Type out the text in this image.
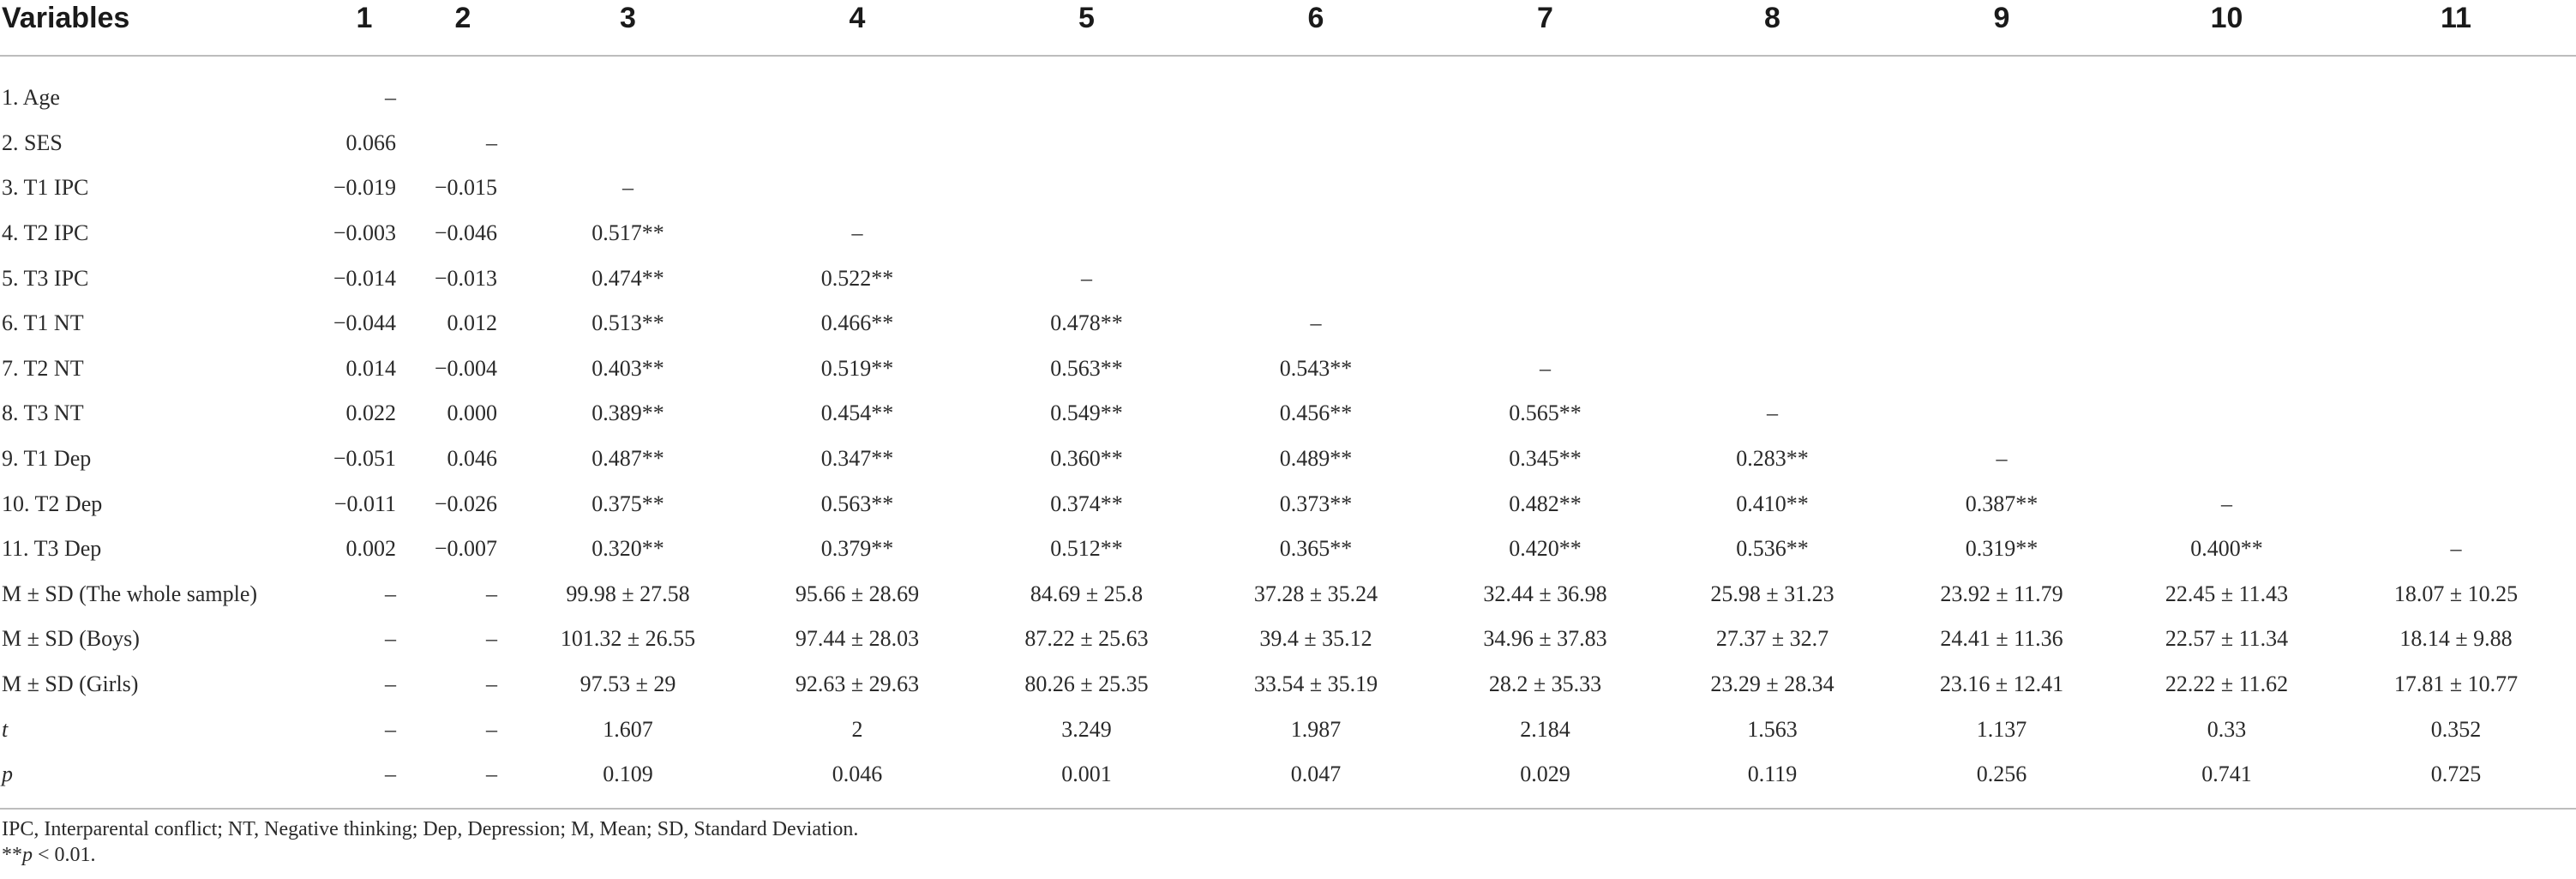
Variables	1	2	3	4	5	6	7	8	9	10	11
1. Age	–										
2. SES	0.066	–									
3. T1 IPC	−0.019	−0.015	–								
4. T2 IPC	−0.003	−0.046	0.517**	–							
5. T3 IPC	−0.014	−0.013	0.474**	0.522**	–						
6. T1 NT	−0.044	0.012	0.513**	0.466**	0.478**	–					
7. T2 NT	0.014	−0.004	0.403**	0.519**	0.563**	0.543**	–				
8. T3 NT	0.022	0.000	0.389**	0.454**	0.549**	0.456**	0.565**	–			
9. T1 Dep	−0.051	0.046	0.487**	0.347**	0.360**	0.489**	0.345**	0.283**	–		
10. T2 Dep	−0.011	−0.026	0.375**	0.563**	0.374**	0.373**	0.482**	0.410**	0.387**	–	
11. T3 Dep	0.002	−0.007	0.320**	0.379**	0.512**	0.365**	0.420**	0.536**	0.319**	0.400**	–
M ± SD (The whole sample)	–	–	99.98 ± 27.58	95.66 ± 28.69	84.69 ± 25.8	37.28 ± 35.24	32.44 ± 36.98	25.98 ± 31.23	23.92 ± 11.79	22.45 ± 11.43	18.07 ± 10.25
M ± SD (Boys)	–	–	101.32 ± 26.55	97.44 ± 28.03	87.22 ± 25.63	39.4 ± 35.12	34.96 ± 37.83	27.37 ± 32.7	24.41 ± 11.36	22.57 ± 11.34	18.14 ± 9.88
M ± SD (Girls)	–	–	97.53 ± 29	92.63 ± 29.63	80.26 ± 25.35	33.54 ± 35.19	28.2 ± 35.33	23.29 ± 28.34	23.16 ± 12.41	22.22 ± 11.62	17.81 ± 10.77
t	–	–	1.607	2	3.249	1.987	2.184	1.563	1.137	0.33	0.352
p	–	–	0.109	0.046	0.001	0.047	0.029	0.119	0.256	0.741	0.725
IPC, Interparental conflict; NT, Negative thinking; Dep, Depression; M, Mean; SD, Standard Deviation.
**p < 0.01.
